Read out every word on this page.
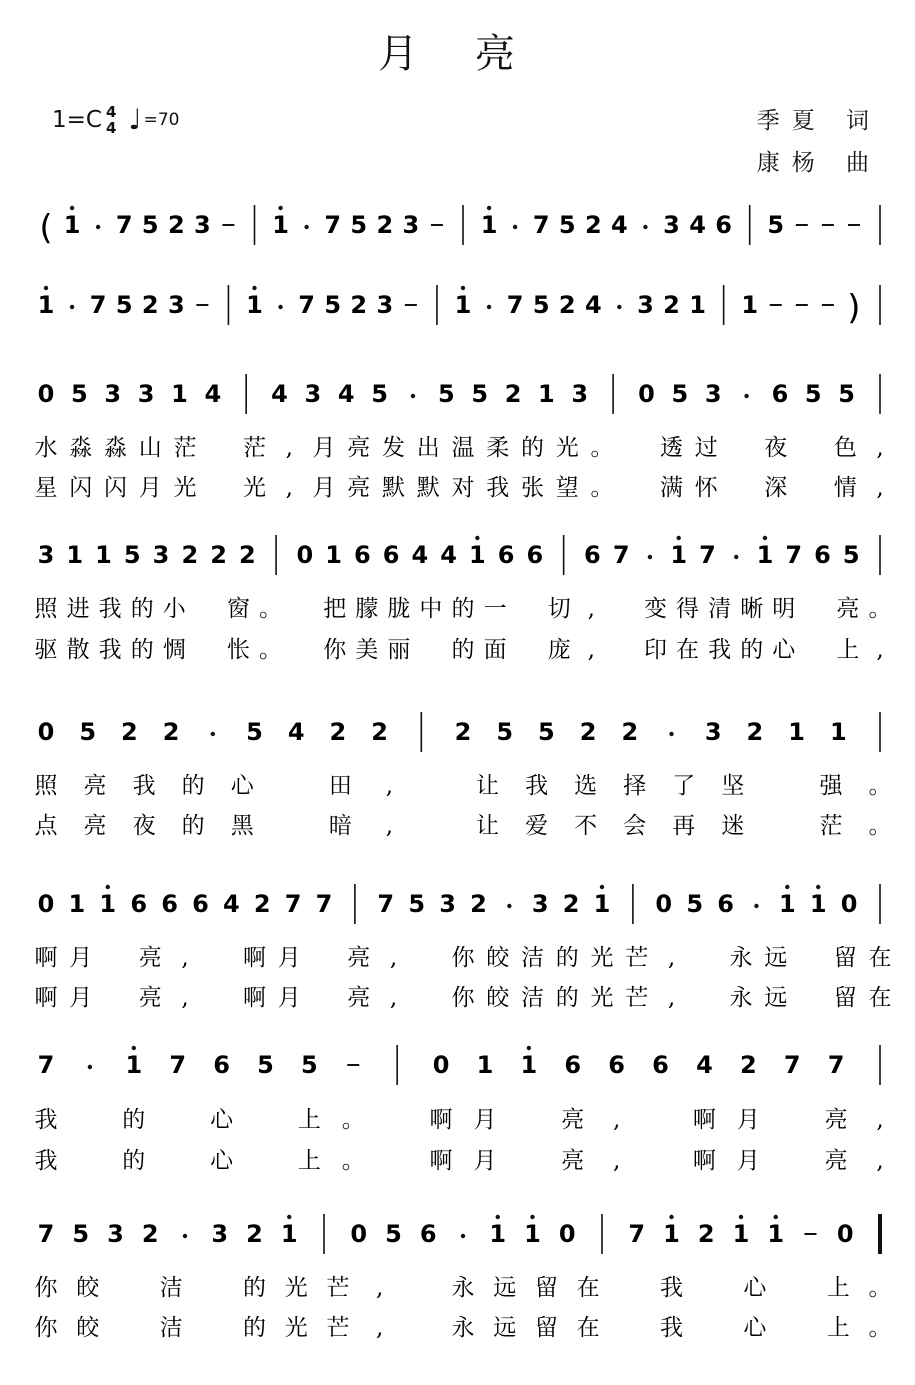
月 亮
1=C 4
4 ♩ =70	季夏 词
康杨 曲
( 1 7 5 2 3	1 7 5 2 3	1 7 5 2 4 3 4 6 5
1 7 5 2 3	1 7 5 2 3	1 7 5 2 4 3 2 1 1	)
0 5 3 3 1 4 4 3 4 5 5 5 2 1 3 0 5 3 6 5 5
水 淼 淼 山 茫 茫 , 月 亮 发 出 温 柔 的 光 。 透 过 夜 色 ,
星 闪 闪 月 光 光 , 月 亮 默 默 对 我 张 望 。 满 怀 深 情 ,
3 1 1 5 3 2 2 2 0 1 6 6 4 4 1 6 6 6 7 1 7 1 7 6 5
照 进 我 的 小 窗 。 把 朦 胧 中 的 一 切 , 变 得 清 晰 明 亮 。
驱 散 我 的 惆 怅 。 你 美 丽 的 面 庞 , 印 在 我 的 心 上 ,
0 5 2 2	5 4 2 2	2 5 5 2 2	3 2 1 1
照 亮 我 的 心	田 ,	让 我 选 择 了 坚	强 。
点 亮 夜 的 黑	暗 ,	让 爱 不 会 再 迷	茫 。
0 1 1 6 6 6 4 2 7 7 7 5 3 2 3 2 1 0 5 6 1 1 0
啊 月 亮 , 啊 月 亮 , 你 皎 洁 的 光 芒 , 永 远 留 在
啊 月 亮 , 啊 月 亮 , 你 皎 洁 的 光 芒 , 永 远 留 在
7	1 7 6 5 5	0 1 1 6 6 6 4 2 7 7
我	的	心	上 。	啊 月	亮 ,	啊 月	亮 ,
我	的	心	上 。	啊 月	亮 ,	啊 月	亮 ,
7 5 3 2 3 2 1 0 5 6 1 1 0 7 1 2 1 1 0
你 皎	洁	的 光 芒 ,	永 远 留 在	我	心	上 。
你 皎	洁	的 光 芒 ,	永 远 留 在	我	心	上 。
